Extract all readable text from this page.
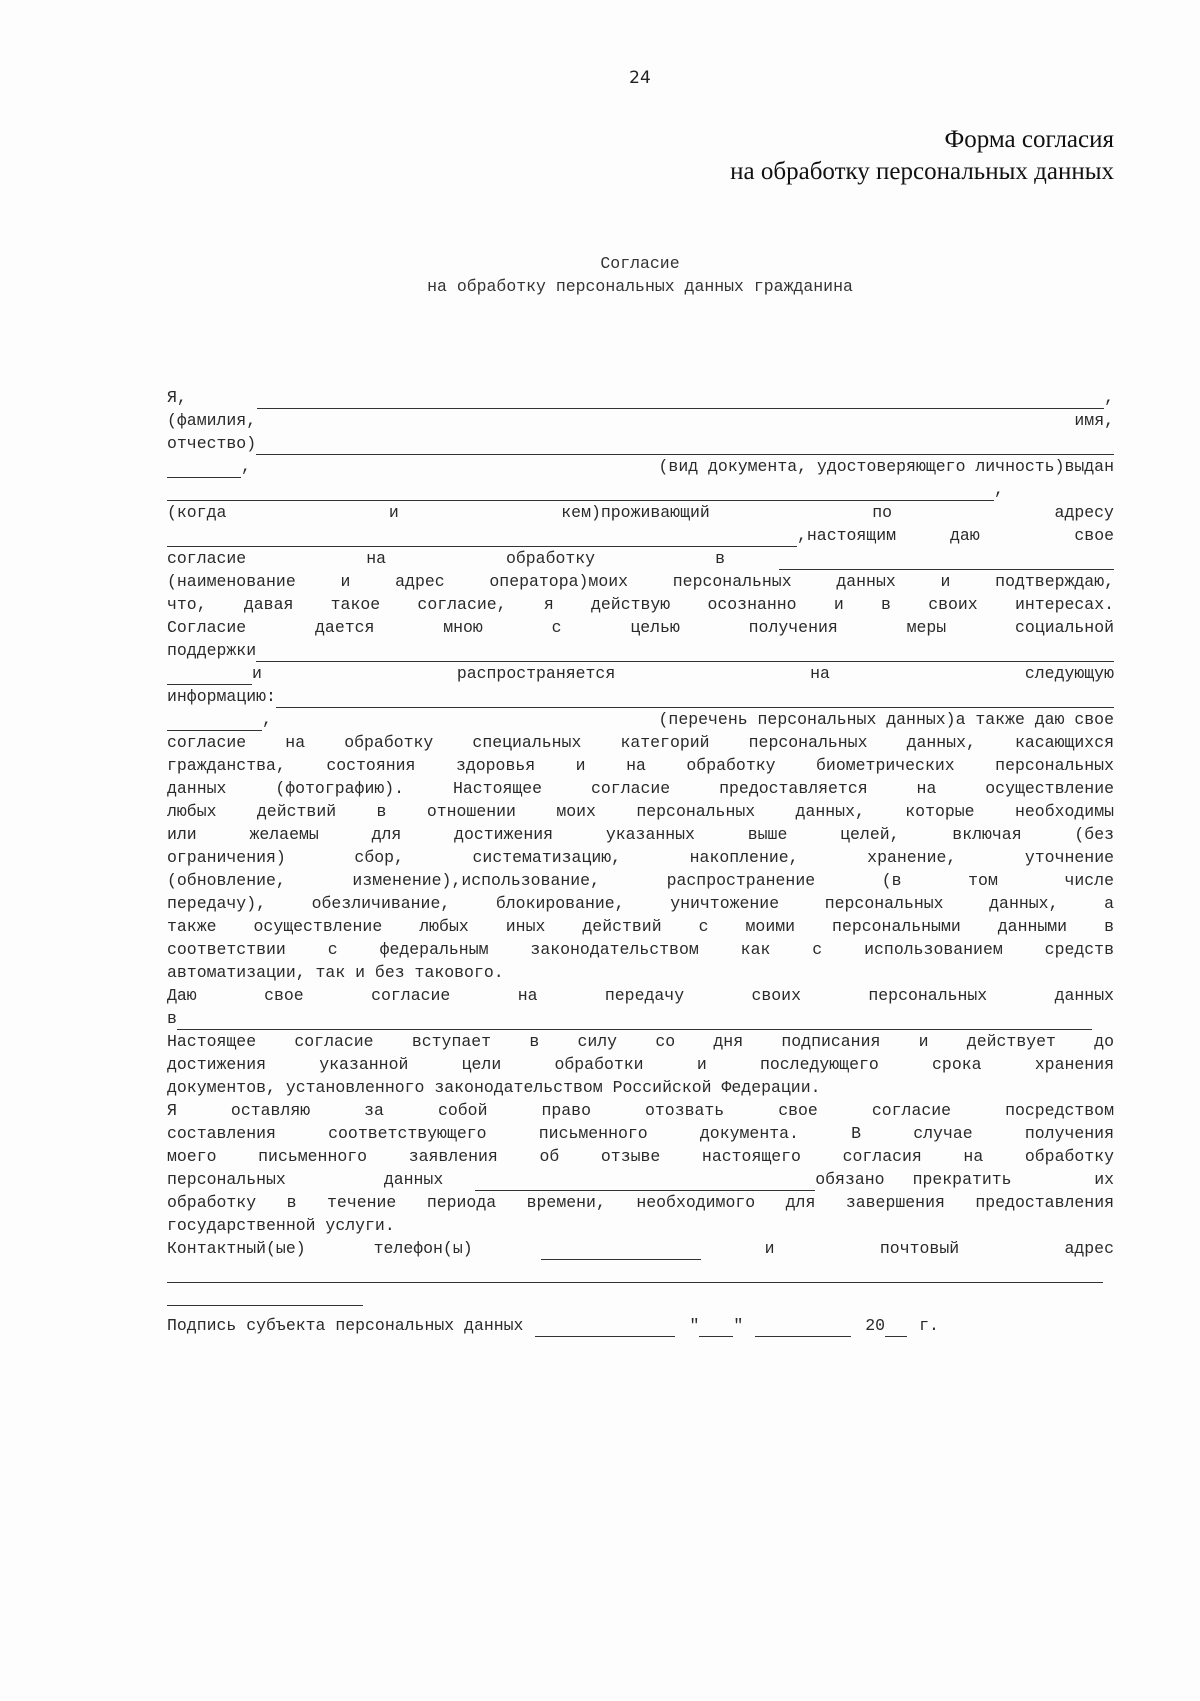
24
Форма согласия
на обработку персональных данных
Согласие
на обработку персональных данных гражданина
Я,	,
(фамилия,	имя,
отчество)
,	(вид документа, удостоверяющего личность)выдан
,
(когда	и	кем)проживающий	по	адресу
,настоящим	даю	свое
согласие	на	обработку	в
(наименование и адрес оператора)моих персональных данных и подтверждаю,
что, давая такое согласие, я действую осознанно и в своих интересах.
Согласие дается мною с целью получения меры социальной
поддержки
и	распространяется	на	следующую
информацию:
,	(перечень персональных данных)а также даю свое
согласие на обработку специальных категорий персональных данных, касающихся
гражданства, состояния здоровья и на обработку биометрических персональных
данных (фотографию). Настоящее согласие предоставляется на осуществление
любых действий в отношении моих персональных данных, которые необходимы
или желаемы для достижения указанных выше целей, включая (без
ограничения) сбор, систематизацию, накопление, хранение, уточнение
(обновление, изменение),использование, распространение (в том числе
передачу), обезличивание, блокирование, уничтожение персональных данных, а
также осуществление любых иных действий с моими персональными данными в
соответствии с федеральным законодательством как с использованием средств
автоматизации, так и без такового.
Даю свое согласие на передачу своих персональных данных
в
Настоящее согласие вступает в силу со дня подписания и действует до
достижения указанной цели обработки и последующего срока хранения
документов, установленного законодательством Российской Федерации.
Я оставляю за собой право отозвать свое согласие посредством
составления соответствующего письменного документа. В случае получения
моего письменного заявления об отзыве настоящего согласия на обработку
персональных	данных	обязано прекратить	их
обработку в течение периода времени, необходимого для завершения предоставления
государственной услуги.
Контактный(ые)	телефон(ы)	и	почтовый	адрес
Подпись субъекта персональных данных	" "	20 г.
